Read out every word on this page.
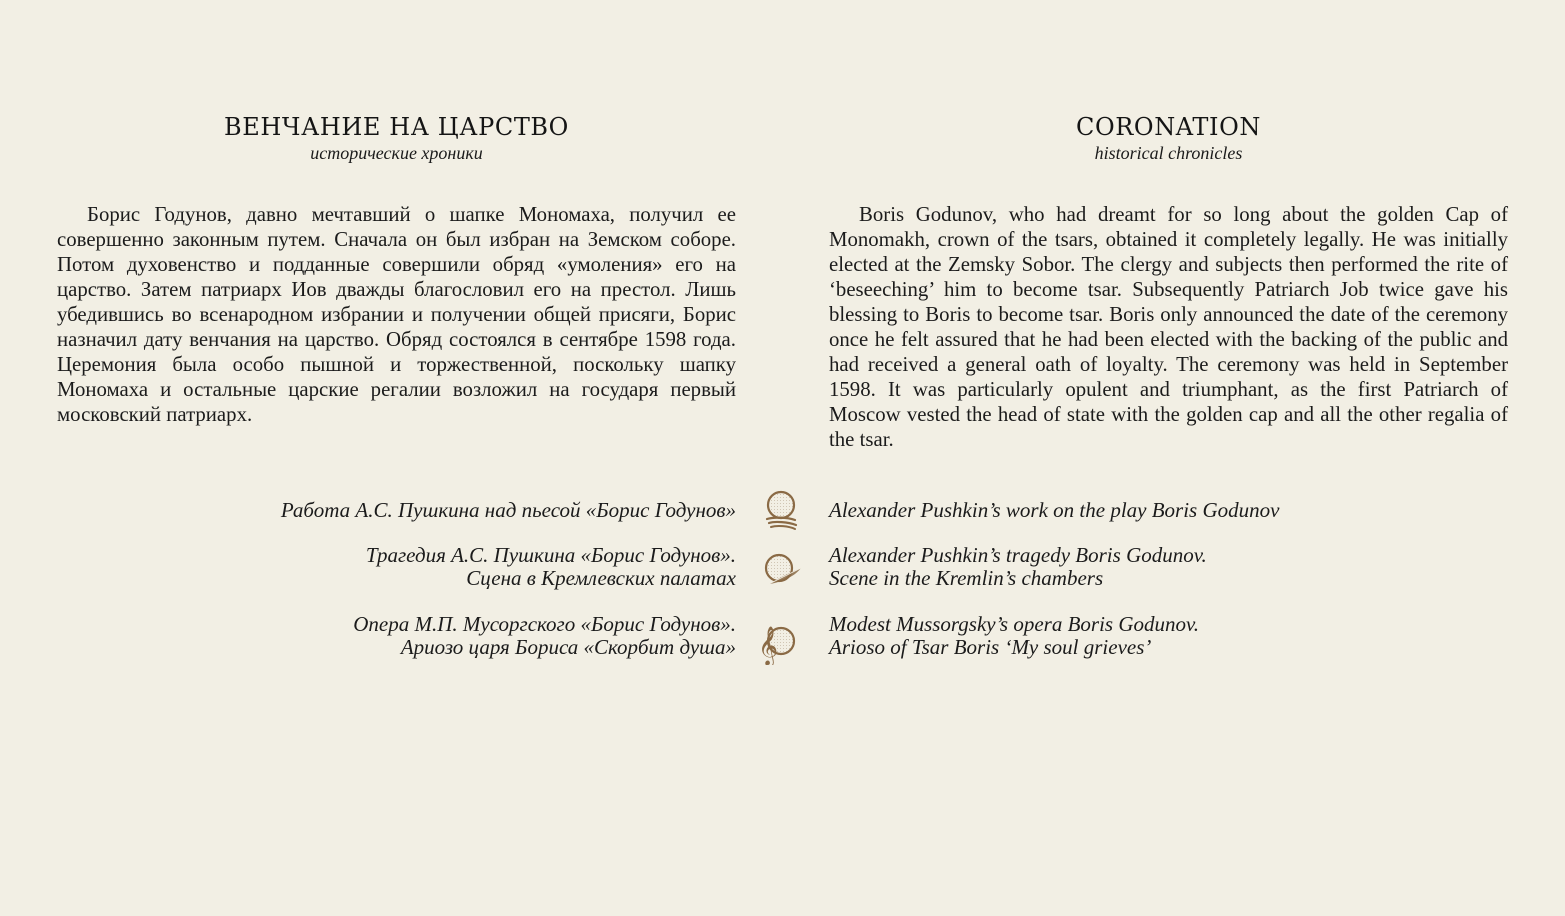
ВЕНЧАНИЕ НА ЦАРСТВО
исторические хроники

Борис Годунов, давно мечтавший о шапке Мономаха, получил ее совершенно законным путем. Сначала он был избран на Земском соборе. Потом духовенство и подданные совершили обряд «умоления» его на царство. Затем патриарх Иов дважды благословил его на престол. Лишь убедившись во всенародном избрании и получении общей присяги, Борис назначил дату венчания на царство. Обряд состоялся в сентябре 1598 года. Церемония была особо пышной и торжественной, поскольку шапку Мономаха и остальные царские регалии возложил на государя первый московский патриарх.

CORONATION
historical chronicles

Boris Godunov, who had dreamt for so long about the golden Cap of Monomakh, crown of the tsars, obtained it completely legally. He was initially elected at the Zemsky Sobor. The clergy and subjects then performed the rite of ‘beseeching’ him to become tsar. Subsequently Patriarch Job twice gave his blessing to Boris to become tsar. Boris only announced the date of the ceremony once he felt assured that he had been elected with the backing of the public and had received a general oath of loyalty. The ceremony was held in September 1598. It was particularly opulent and triumphant, as the first Patriarch of Moscow vested the head of state with the golden cap and all the other regalia of the tsar.

Работа А.С. Пушкина над пьесой «Борис Годунов»	Alexander Pushkin’s work on the play Boris Godunov
Трагедия А.С. Пушкина «Борис Годунов».
Сцена в Кремлевских палатах
Alexander Pushkin’s tragedy Boris Godunov.
Scene in the Kremlin’s chambers
Опера М.П. Мусоргского «Борис Годунов».
Ариозо царя Бориса «Скорбит душа» 𝄞
Modest Mussorgsky’s opera Boris Godunov.
Arioso of Tsar Boris ‘My soul grieves’
